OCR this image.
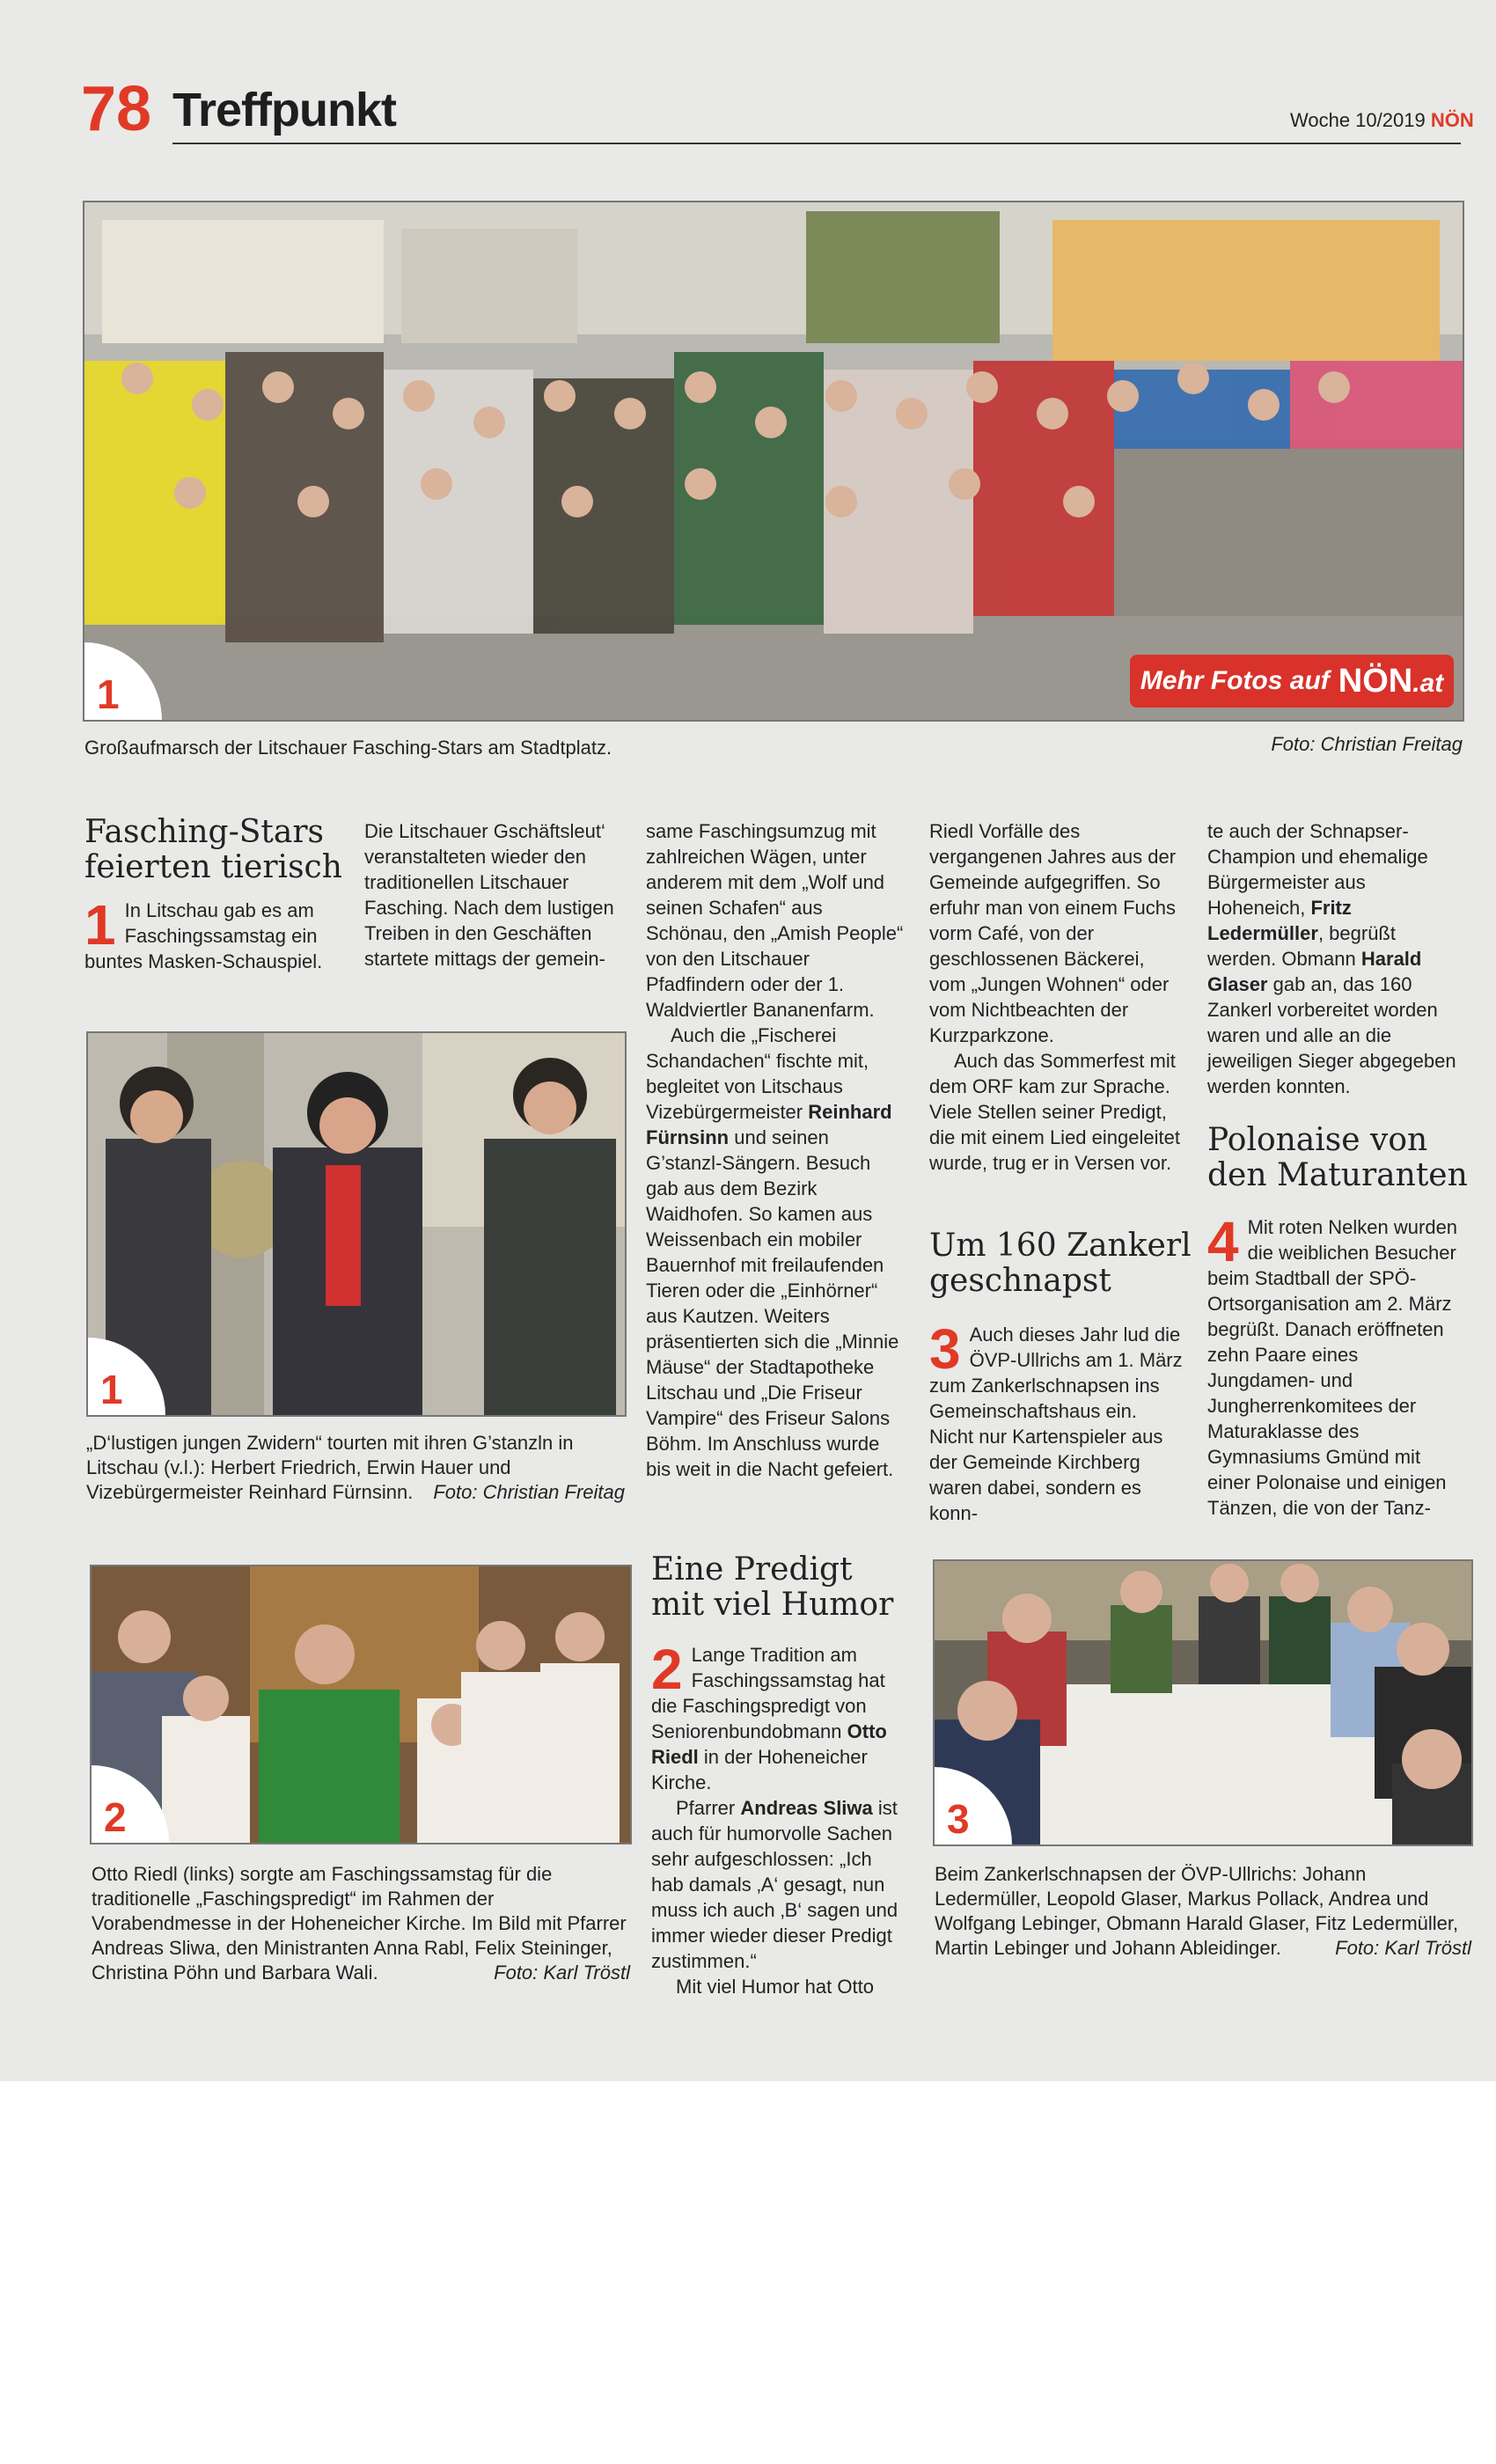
78 Treffpunkt	Woche 10/2019 NÖN
1	Mehr Fotos auf NÖN.at
Großaufmarsch der Litschauer Fasching-Stars am Stadtplatz.	Foto: Christian Freitag
Fasching-Stars feierten tierisch
1 In Litschau gab es am Faschingssamstag ein buntes Masken-Schauspiel.
Die Litschauer Gschäftsleut‘ veranstalteten wieder den traditionellen Litschauer Fasching. Nach dem lustigen Treiben in den Geschäften startete mittags der gemein-

same Faschingsumzug mit zahlreichen Wägen, unter anderem mit dem „Wolf und seinen Schafen“ aus Schönau, den „Amish People“ von den Litschauer Pfadfindern oder der 1. Waldviertler Bananenfarm.

Auch die „Fischerei Schandachen“ fischte mit, begleitet von Litschaus Vizebürgermeister Reinhard Fürnsinn und seinen G’stanzl-Sängern. Besuch gab aus dem Bezirk Waidhofen. So kamen aus Weissenbach ein mobiler Bauernhof mit freilaufenden Tieren oder die „Einhörner“ aus Kautzen. Weiters präsentierten sich die „Minnie Mäuse“ der Stadtapotheke Litschau und „Die Friseur Vampire“ des Friseur Salons Böhm. Im Anschluss wurde bis weit in die Nacht gefeiert.

Riedl Vorfälle des vergangenen Jahres aus der Gemeinde aufgegriffen. So erfuhr man von einem Fuchs vorm Café, von der geschlossenen Bäckerei, vom „Jungen Wohnen“ oder vom Nichtbeachten der Kurzparkzone.

Auch das Sommerfest mit dem ORF kam zur Sprache. Viele Stellen seiner Predigt, die mit einem Lied eingeleitet wurde, trug er in Versen vor.

te auch der Schnapser-Champion und ehemalige Bürgermeister aus Hoheneich, Fritz Ledermüller, begrüßt werden. Obmann Harald Glaser gab an, das 160 Zankerl vorbereitet worden waren und alle an die jeweiligen Sieger abgegeben werden konnten.

1
„D‘lustigen jungen Zwidern“ tourten mit ihren G’stanzln in Litschau (v.l.): Herbert Friedrich, Erwin Hauer und Vizebürgermeister Reinhard Fürnsinn. Foto: Christian Freitag
Um 160 Zankerl geschnapst
3 Auch dieses Jahr lud die ÖVP-Ullrichs am 1. März zum Zankerlschnapsen ins Gemeinschaftshaus ein. Nicht nur Kartenspieler aus der Gemeinde Kirchberg waren dabei, sondern es konn-
Polonaise von den Maturanten
4 Mit roten Nelken wurden die weiblichen Besucher beim Stadtball der SPÖ-Ortsorganisation am 2. März begrüßt. Danach eröffneten zehn Paare eines Jungdamen- und Jungherrenkomitees der Maturaklasse des Gymnasiums Gmünd mit einer Polonaise und einigen Tänzen, die von der Tanz-
2
Otto Riedl (links) sorgte am Faschingssamstag für die traditionelle „Faschingspredigt“ im Rahmen der Vorabendmesse in der Hoheneicher Kirche. Im Bild mit Pfarrer Andreas Sliwa, den Ministranten Anna Rabl, Felix Steininger, Christina Pöhn und Barbara Wali.	Foto: Karl Tröstl
Eine Predigt mit viel Humor

2 Lange Tradition am Faschingssamstag hat die Faschingspredigt von Seniorenbundobmann Otto Riedl in der Hoheneicher Kirche.

Pfarrer Andreas Sliwa ist auch für humorvolle Sachen sehr aufgeschlossen: „Ich hab damals ‚A‘ gesagt, nun muss ich auch ‚B‘ sagen und immer wieder dieser Predigt zustimmen.“

Mit viel Humor hat Otto

3
Beim Zankerlschnapsen der ÖVP-Ullrichs: Johann Ledermüller, Leopold Glaser, Markus Pollack, Andrea und Wolfgang Lebinger, Obmann Harald Glaser, Fitz Ledermüller, Martin Lebinger und Johann Ableidinger.	Foto: Karl Tröstl
